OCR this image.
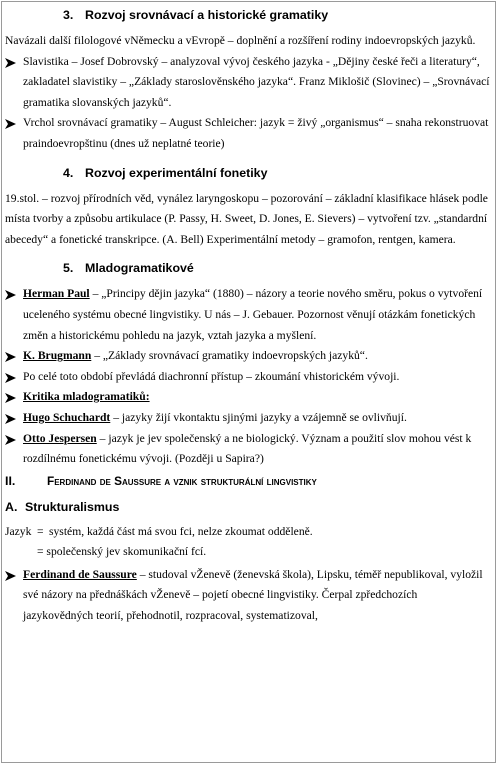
3. Rozvoj srovnávací a historické gramatiky

Navázali další filologové vNěmecku a vEvropě – doplnění a rozšíření rodiny indoevropských jazyků.

Slavistika – Josef Dobrovský – analyzoval vývoj českého jazyka - „Dějiny české řeči a literatury“, zakladatel slavistiky – „Základy staroslověnského jazyka“. Franz Miklošič (Slovinec) – „Srovnávací gramatika slovanských jazyků“.
Vrchol srovnávací gramatiky – August Schleicher: jazyk = živý „organismus“ – snaha rekonstruovat praindoevropštinu (dnes už neplatné teorie)
4. Rozvoj experimentální fonetiky

19.stol. – rozvoj přírodních věd, vynález laryngoskopu – pozorování – základní klasifikace hlásek podle místa tvorby a způsobu artikulace (P. Passy, H. Sweet, D. Jones, E. Sievers) – vytvoření tzv. „standardní abecedy“ a fonetické transkripce. (A. Bell) Experimentální metody – gramofon, rentgen, kamera.

5. Mladogramatikové
Herman Paul – „Principy dějin jazyka“ (1880) – názory a teorie nového směru, pokus o vytvoření uceleného systému obecné lingvistiky. U nás – J. Gebauer. Pozornost věnují otázkám fonetických změn a historickému pohledu na jazyk, vztah jazyka a myšlení.
K. Brugmann – „Základy srovnávací gramatiky indoevropských jazyků“.
Po celé toto období převládá diachronní přístup – zkoumání vhistorickém vývoji.
Kritika mladogramatiků:
Hugo Schuchardt – jazyky žijí vkontaktu sjinými jazyky a vzájemně se ovlivňují.
Otto Jespersen – jazyk je jev společenský a ne biologický. Význam a použití slov mohou vést krozdílnému fonetickému vývoji. (Později u Sapira?)
II.	Ferdinand de Saussure a vznik strukturální lingvistiky
A. Strukturalismus
Jazyk = systém, každá část má svou fci, nelze zkoumat odděleně.

= společenský jev skomunikační fcí.

Ferdinand de Saussure – studoval vŽenevě (ženevská škola), Lipsku, téměř nepublikoval, vyložil své názory na přednáškách vŽenevě – pojetí obecné lingvistiky. Čerpal zpředchozích jazykovědných teorií, přehodnotil, rozpracoval, systematizoval,
